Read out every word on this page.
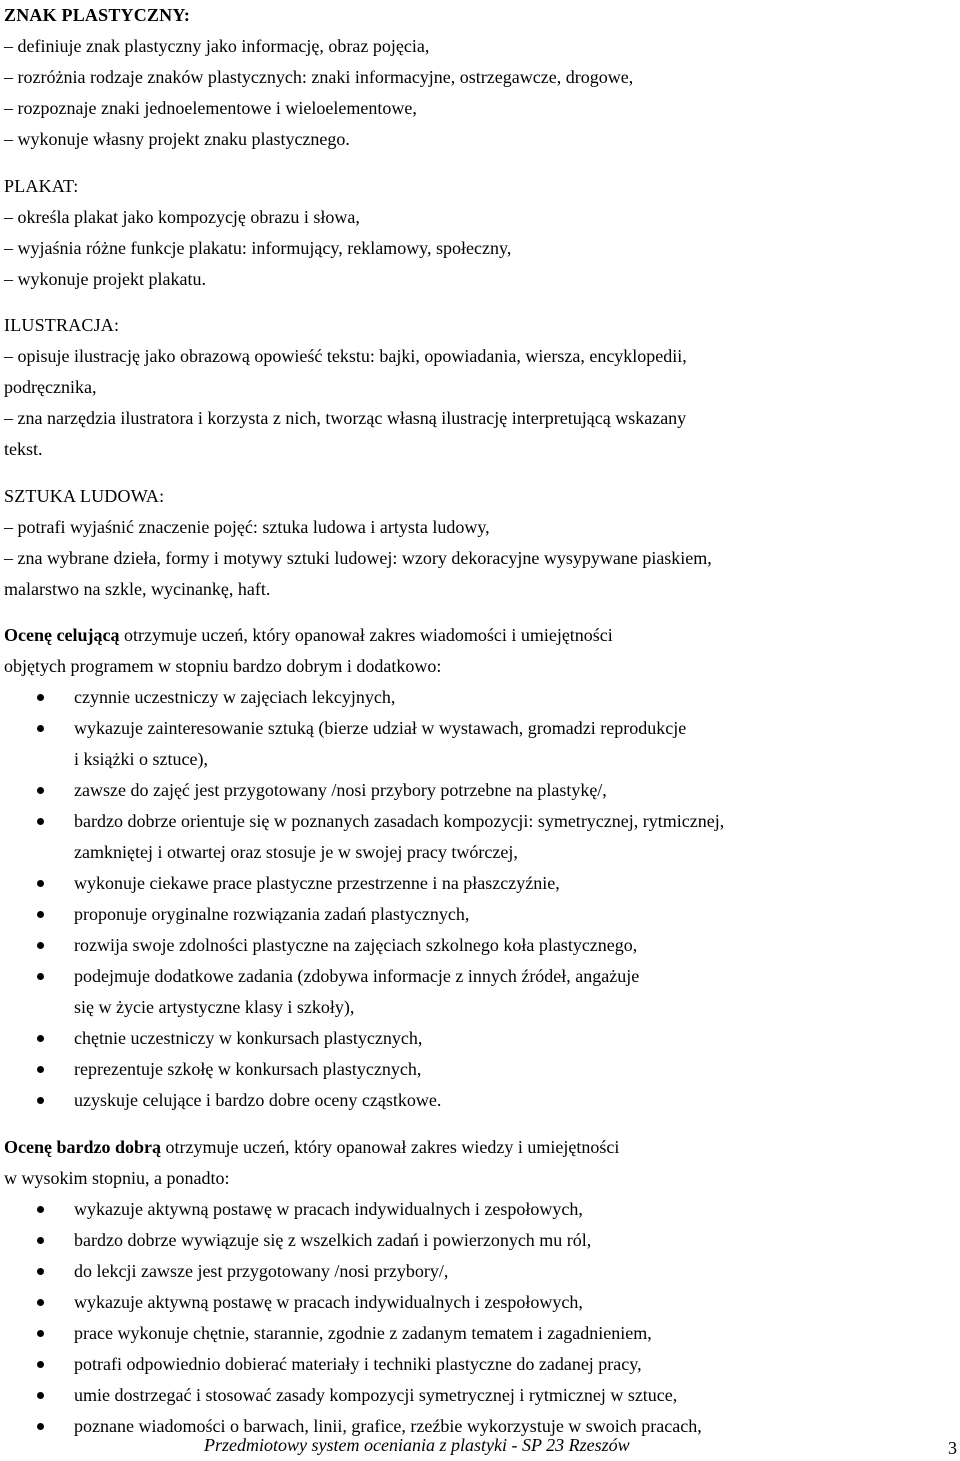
ZNAK PLASTYCZNY:
– definiuje znak plastyczny jako informację, obraz pojęcia,
– rozróżnia rodzaje znaków plastycznych: znaki informacyjne, ostrzegawcze, drogowe,
– rozpoznaje znaki jednoelementowe i wieloelementowe,
– wykonuje własny projekt znaku plastycznego.
PLAKAT:
– określa plakat jako kompozycję obrazu i słowa,
– wyjaśnia różne funkcje plakatu: informujący, reklamowy, społeczny,
– wykonuje projekt plakatu.
ILUSTRACJA:
– opisuje ilustrację jako obrazową opowieść tekstu: bajki, opowiadania, wiersza, encyklopedii,
podręcznika,
– zna narzędzia ilustratora i korzysta z nich, tworząc własną ilustrację interpretującą wskazany
tekst.
SZTUKA LUDOWA:
– potrafi wyjaśnić znaczenie pojęć: sztuka ludowa i artysta ludowy,
– zna wybrane dzieła, formy i motywy sztuki ludowej: wzory dekoracyjne wysypywane piaskiem,
malarstwo na szkle, wycinankę, haft.
Ocenę celującą otrzymuje uczeń, który opanował zakres wiadomości i umiejętności
objętych programem w stopniu bardzo dobrym i dodatkowo:
czynnie uczestniczy w zajęciach lekcyjnych,
wykazuje zainteresowanie sztuką (bierze udział w wystawach, gromadzi reprodukcje
i książki o sztuce),
zawsze do zajęć jest przygotowany /nosi przybory potrzebne na plastykę/,
bardzo dobrze orientuje się w poznanych zasadach kompozycji: symetrycznej, rytmicznej,
zamkniętej i otwartej oraz stosuje je w swojej pracy twórczej,
wykonuje ciekawe prace plastyczne przestrzenne i na płaszczyźnie,
proponuje oryginalne rozwiązania zadań plastycznych,
rozwija swoje zdolności plastyczne na zajęciach szkolnego koła plastycznego,
podejmuje dodatkowe zadania (zdobywa informacje z innych źródeł, angażuje
się w życie artystyczne klasy i szkoły),
chętnie uczestniczy w konkursach plastycznych,
reprezentuje szkołę w konkursach plastycznych,
uzyskuje celujące i bardzo dobre oceny cząstkowe.
Ocenę bardzo dobrą otrzymuje uczeń, który opanował zakres wiedzy i umiejętności
w wysokim stopniu, a ponadto:
wykazuje aktywną postawę w pracach indywidualnych i zespołowych,
bardzo dobrze wywiązuje się z wszelkich zadań i powierzonych mu ról,
do lekcji zawsze jest przygotowany /nosi przybory/,
wykazuje aktywną postawę w pracach indywidualnych i zespołowych,
prace wykonuje chętnie, starannie, zgodnie z zadanym tematem i zagadnieniem,
potrafi odpowiednio dobierać materiały i techniki plastyczne do zadanej pracy,
umie dostrzegać i stosować zasady kompozycji symetrycznej i rytmicznej w sztuce,
poznane wiadomości o barwach, linii, grafice, rzeźbie wykorzystuje w swoich pracach,
Przedmiotowy system oceniania z plastyki - SP 23 Rzeszów	3
